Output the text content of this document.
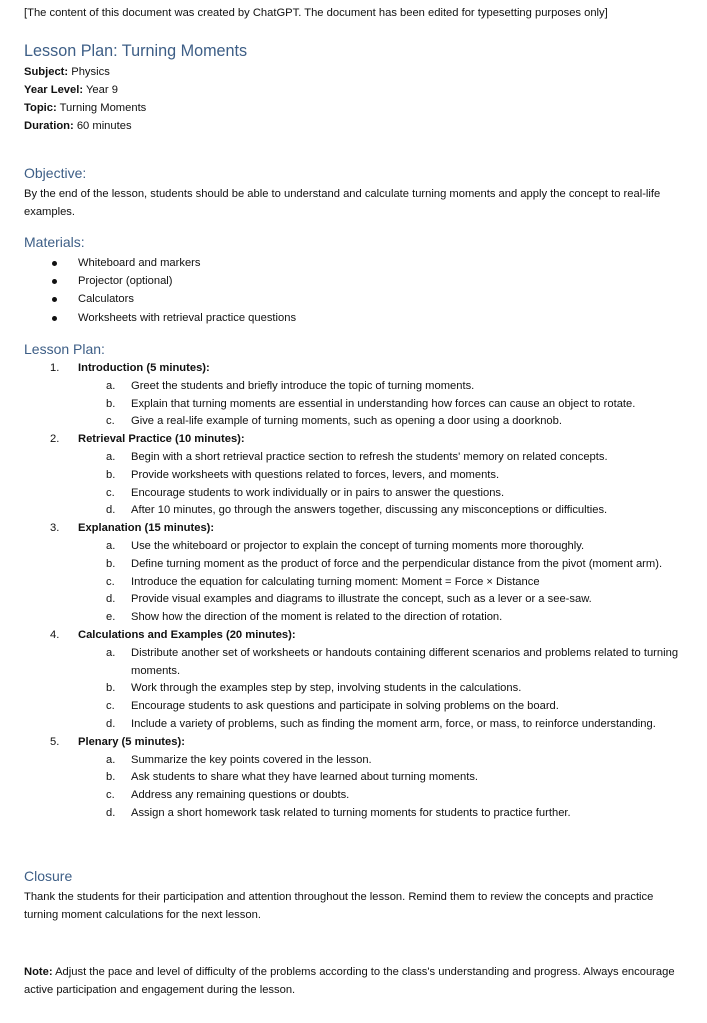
[The content of this document was created by ChatGPT. The document has been edited for typesetting purposes only]
Lesson Plan: Turning Moments
Subject: Physics
Year Level: Year 9
Topic: Turning Moments
Duration: 60 minutes
Objective:
By the end of the lesson, students should be able to understand and calculate turning moments and apply the concept to real-life examples.
Materials:
Whiteboard and markers
Projector (optional)
Calculators
Worksheets with retrieval practice questions
Lesson Plan:
1. Introduction (5 minutes):
a. Greet the students and briefly introduce the topic of turning moments.
b. Explain that turning moments are essential in understanding how forces can cause an object to rotate.
c. Give a real-life example of turning moments, such as opening a door using a doorknob.
2. Retrieval Practice (10 minutes):
a. Begin with a short retrieval practice section to refresh the students' memory on related concepts.
b. Provide worksheets with questions related to forces, levers, and moments.
c. Encourage students to work individually or in pairs to answer the questions.
d. After 10 minutes, go through the answers together, discussing any misconceptions or difficulties.
3. Explanation (15 minutes):
a. Use the whiteboard or projector to explain the concept of turning moments more thoroughly.
b. Define turning moment as the product of force and the perpendicular distance from the pivot (moment arm).
c. Introduce the equation for calculating turning moment: Moment = Force × Distance
d. Provide visual examples and diagrams to illustrate the concept, such as a lever or a see-saw.
e. Show how the direction of the moment is related to the direction of rotation.
4. Calculations and Examples (20 minutes):
a. Distribute another set of worksheets or handouts containing different scenarios and problems related to turning moments.
b. Work through the examples step by step, involving students in the calculations.
c. Encourage students to ask questions and participate in solving problems on the board.
d. Include a variety of problems, such as finding the moment arm, force, or mass, to reinforce understanding.
5. Plenary (5 minutes):
a. Summarize the key points covered in the lesson.
b. Ask students to share what they have learned about turning moments.
c. Address any remaining questions or doubts.
d. Assign a short homework task related to turning moments for students to practice further.
Closure
Thank the students for their participation and attention throughout the lesson. Remind them to review the concepts and practice turning moment calculations for the next lesson.
Note: Adjust the pace and level of difficulty of the problems according to the class's understanding and progress. Always encourage active participation and engagement during the lesson.
